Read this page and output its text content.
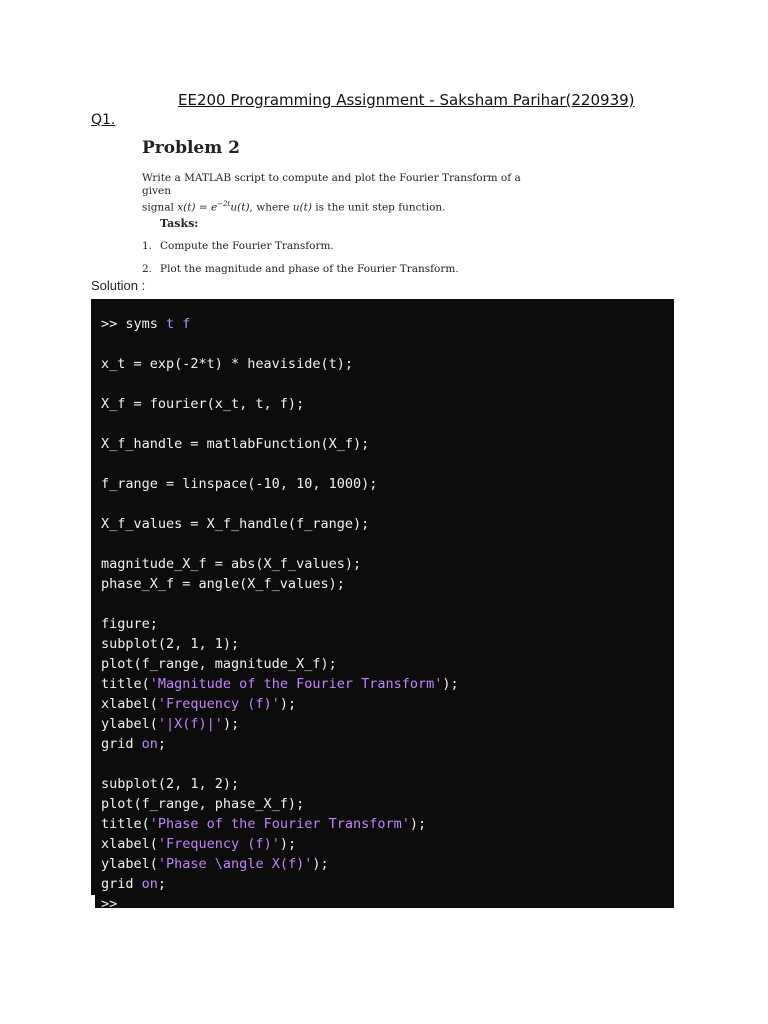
EE200 Programming Assignment - Saksham Parihar(220939)
Q1.
Problem 2

Write a MATLAB script to compute and plot the Fourier Transform of a given
signal $x(t) = e^{-2t}u(t)$, where u(t) is the unit step function.

Tasks:
1. Compute the Fourier Transform.
2. Plot the magnitude and phase of the Fourier Transform.
Solution :
>> syms t f
x_t = exp(-2*t) * heaviside(t);
X_f = fourier(x_t, t, f);
X_f_handle = matlabFunction(X_f);
f_range = linspace(-10, 10, 1000);
X_f_values = X_f_handle(f_range);
magnitude_X_f = abs(X_f_values);
phase_X_f = angle(X_f_values);
figure;
subplot(2, 1, 1);
plot(f_range, magnitude_X_f);
title('Magnitude of the Fourier Transform');
xlabel('Frequency (f)');
ylabel('|X(f)|');
grid on;
subplot(2, 1, 2);
plot(f_range, phase_X_f);
title('Phase of the Fourier Transform');
xlabel('Frequency (f)');
ylabel('Phase \angle X(f)');
grid on;
>>
